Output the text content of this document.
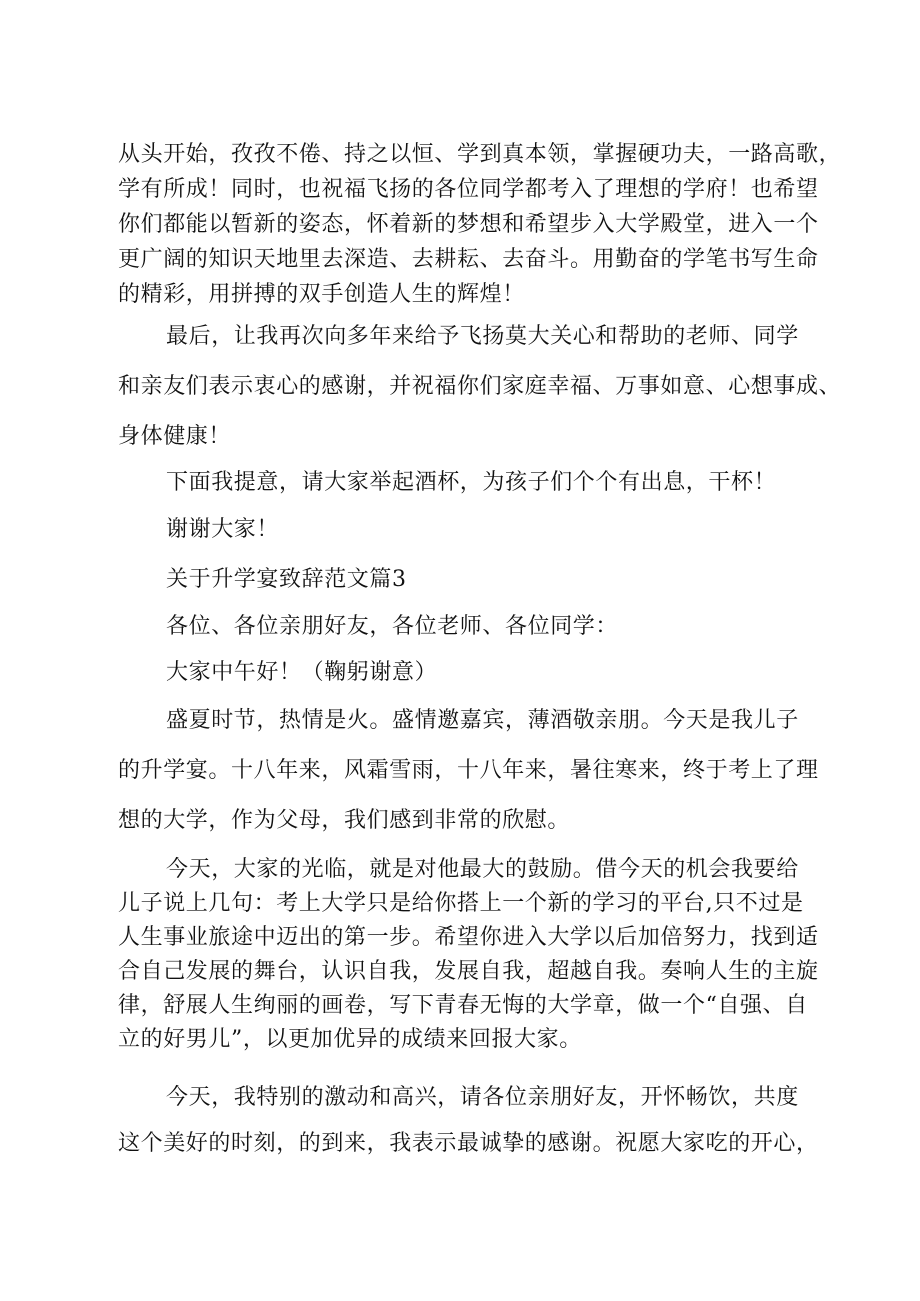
从头开始，孜孜不倦、持之以恒、学到真本领，掌握硬功夫，一路高歌，
学有所成！同时，也祝福飞扬的各位同学都考入了理想的学府！也希望
你们都能以暂新的姿态，怀着新的梦想和希望步入大学殿堂，进入一个
更广阔的知识天地里去深造、去耕耘、去奋斗。用勤奋的学笔书写生命
的精彩，用拼搏的双手创造人生的辉煌！
最后，让我再次向多年来给予飞扬莫大关心和帮助的老师、同学
和亲友们表示衷心的感谢，并祝福你们家庭幸福、万事如意、心想事成、
身体健康！
下面我提意，请大家举起酒杯，为孩子们个个有出息，干杯！
谢谢大家！
关于升学宴致辞范文篇3
各位、各位亲朋好友，各位老师、各位同学：
大家中午好！（鞠躬谢意）
盛夏时节，热情是火。盛情邀嘉宾，薄酒敬亲朋。今天是我儿子
的升学宴。十八年来，风霜雪雨，十八年来，暑往寒来，终于考上了理
想的大学，作为父母，我们感到非常的欣慰。
今天，大家的光临，就是对他最大的鼓励。借今天的机会我要给
儿子说上几句：考上大学只是给你搭上一个新的学习的平台,只不过是
人生事业旅途中迈出的第一步。希望你进入大学以后加倍努力，找到适
合自己发展的舞台，认识自我，发展自我，超越自我。奏响人生的主旋
律，舒展人生绚丽的画卷，写下青春无悔的大学章，做一个“自强、自
立的好男儿”，以更加优异的成绩来回报大家。
今天，我特别的激动和高兴，请各位亲朋好友，开怀畅饮，共度
这个美好的时刻，的到来，我表示最诚挚的感谢。祝愿大家吃的开心，
